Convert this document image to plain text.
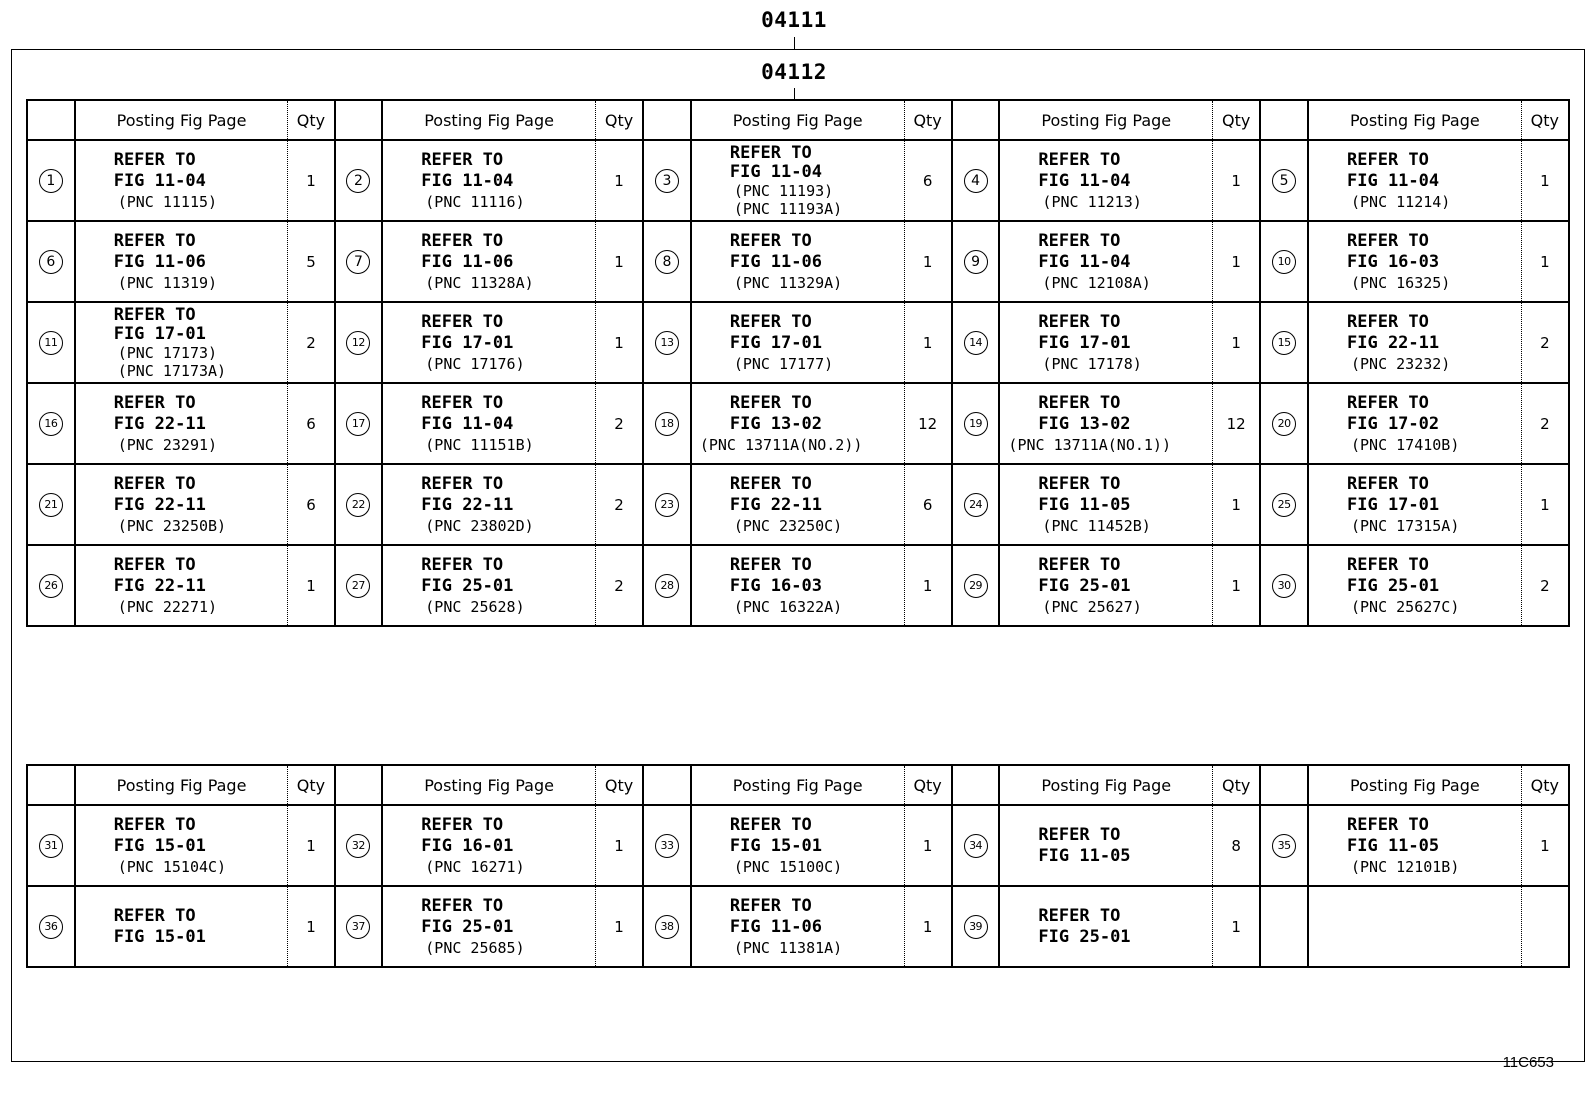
04111
04112
	Posting Fig Page	Qty		Posting Fig Page	Qty		Posting Fig Page	Qty		Posting Fig Page	Qty		Posting Fig Page	Qty
1	REFER TO
FIG 11-04
(PNC 11115)	1	2	REFER TO
FIG 11-04
(PNC 11116)	1	3	REFER TO
FIG 11-04
(PNC 11193)
(PNC 11193A)	6	4	REFER TO
FIG 11-04
(PNC 11213)	1	5	REFER TO
FIG 11-04
(PNC 11214)	1
6	REFER TO
FIG 11-06
(PNC 11319)	5	7	REFER TO
FIG 11-06
(PNC 11328A)	1	8	REFER TO
FIG 11-06
(PNC 11329A)	1	9	REFER TO
FIG 11-04
(PNC 12108A)	1	10	REFER TO
FIG 16-03
(PNC 16325)	1
11	REFER TO
FIG 17-01
(PNC 17173)
(PNC 17173A)	2	12	REFER TO
FIG 17-01
(PNC 17176)	1	13	REFER TO
FIG 17-01
(PNC 17177)	1	14	REFER TO
FIG 17-01
(PNC 17178)	1	15	REFER TO
FIG 22-11
(PNC 23232)	2
16	REFER TO
FIG 22-11
(PNC 23291)	6	17	REFER TO
FIG 11-04
(PNC 11151B)	2	18	REFER TO
FIG 13-02
(PNC 13711A(NO.2))	12	19	REFER TO
FIG 13-02
(PNC 13711A(NO.1))	12	20	REFER TO
FIG 17-02
(PNC 17410B)	2
21	REFER TO
FIG 22-11
(PNC 23250B)	6	22	REFER TO
FIG 22-11
(PNC 23802D)	2	23	REFER TO
FIG 22-11
(PNC 23250C)	6	24	REFER TO
FIG 11-05
(PNC 11452B)	1	25	REFER TO
FIG 17-01
(PNC 17315A)	1
26	REFER TO
FIG 22-11
(PNC 22271)	1	27	REFER TO
FIG 25-01
(PNC 25628)	2	28	REFER TO
FIG 16-03
(PNC 16322A)	1	29	REFER TO
FIG 25-01
(PNC 25627)	1	30	REFER TO
FIG 25-01
(PNC 25627C)	2
	Posting Fig Page	Qty		Posting Fig Page	Qty		Posting Fig Page	Qty		Posting Fig Page	Qty		Posting Fig Page	Qty
31	REFER TO
FIG 15-01
(PNC 15104C)	1	32	REFER TO
FIG 16-01
(PNC 16271)	1	33	REFER TO
FIG 15-01
(PNC 15100C)	1	34	REFER TO
FIG 11-05	8	35	REFER TO
FIG 11-05
(PNC 12101B)	1
36	REFER TO
FIG 15-01	1	37	REFER TO
FIG 25-01
(PNC 25685)	1	38	REFER TO
FIG 11-06
(PNC 11381A)	1	39	REFER TO
FIG 25-01	1		

11C653
